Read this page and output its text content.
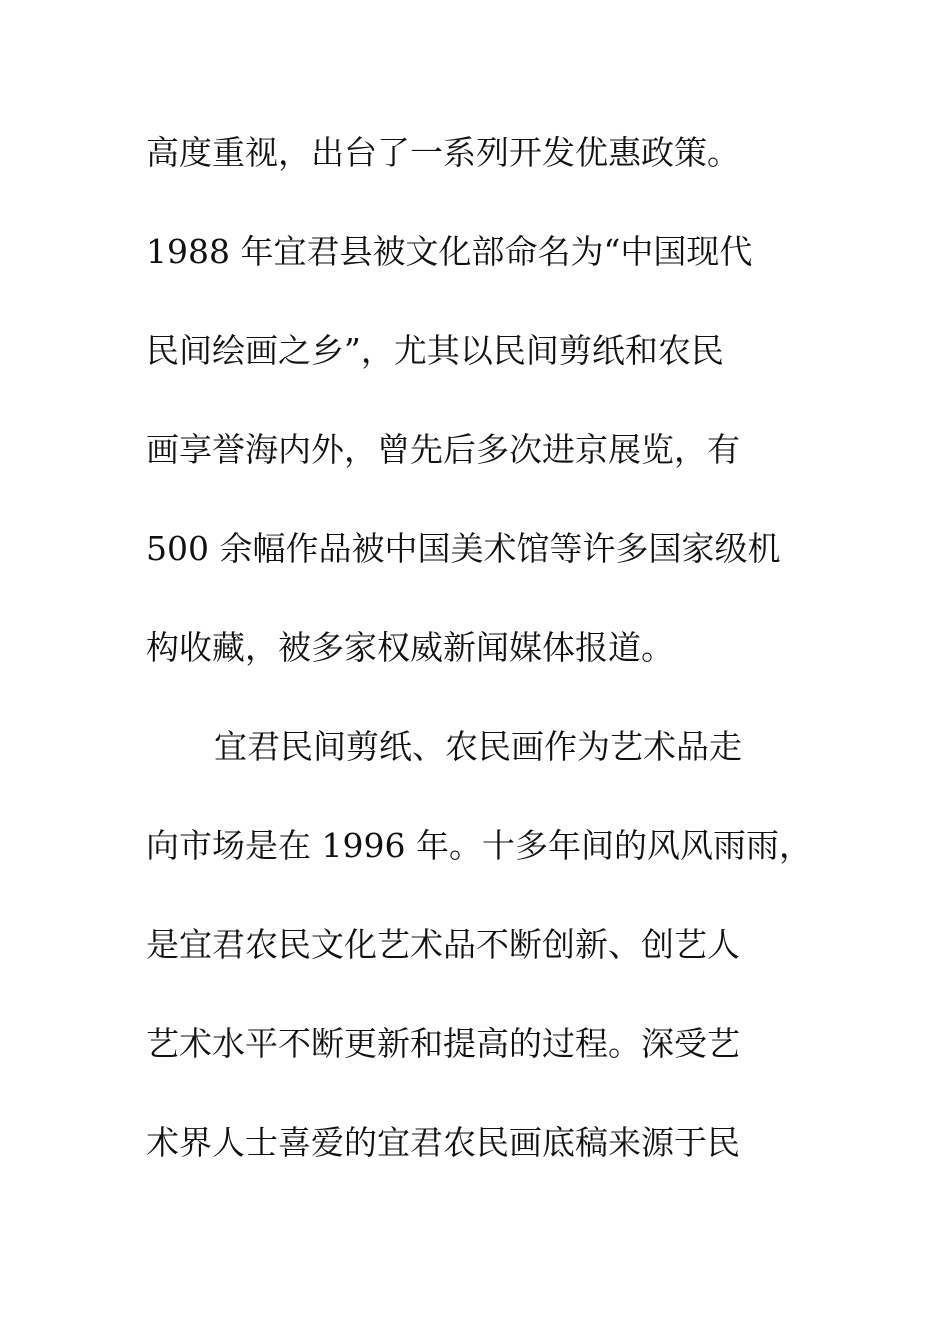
高度重视，出台了一系列开发优惠政策。
1988 年宜君县被文化部命名为“中国现代
民间绘画之乡”，尤其以民间剪纸和农民
画享誉海内外，曾先后多次进京展览，有
500 余幅作品被中国美术馆等许多国家级机
构收藏，被多家权威新闻媒体报道。
宜君民间剪纸、农民画作为艺术品走
向市场是在 1996 年。十多年间的风风雨雨，
是宜君农民文化艺术品不断创新、创艺人
艺术水平不断更新和提高的过程。深受艺
术界人士喜爱的宜君农民画底稿来源于民
